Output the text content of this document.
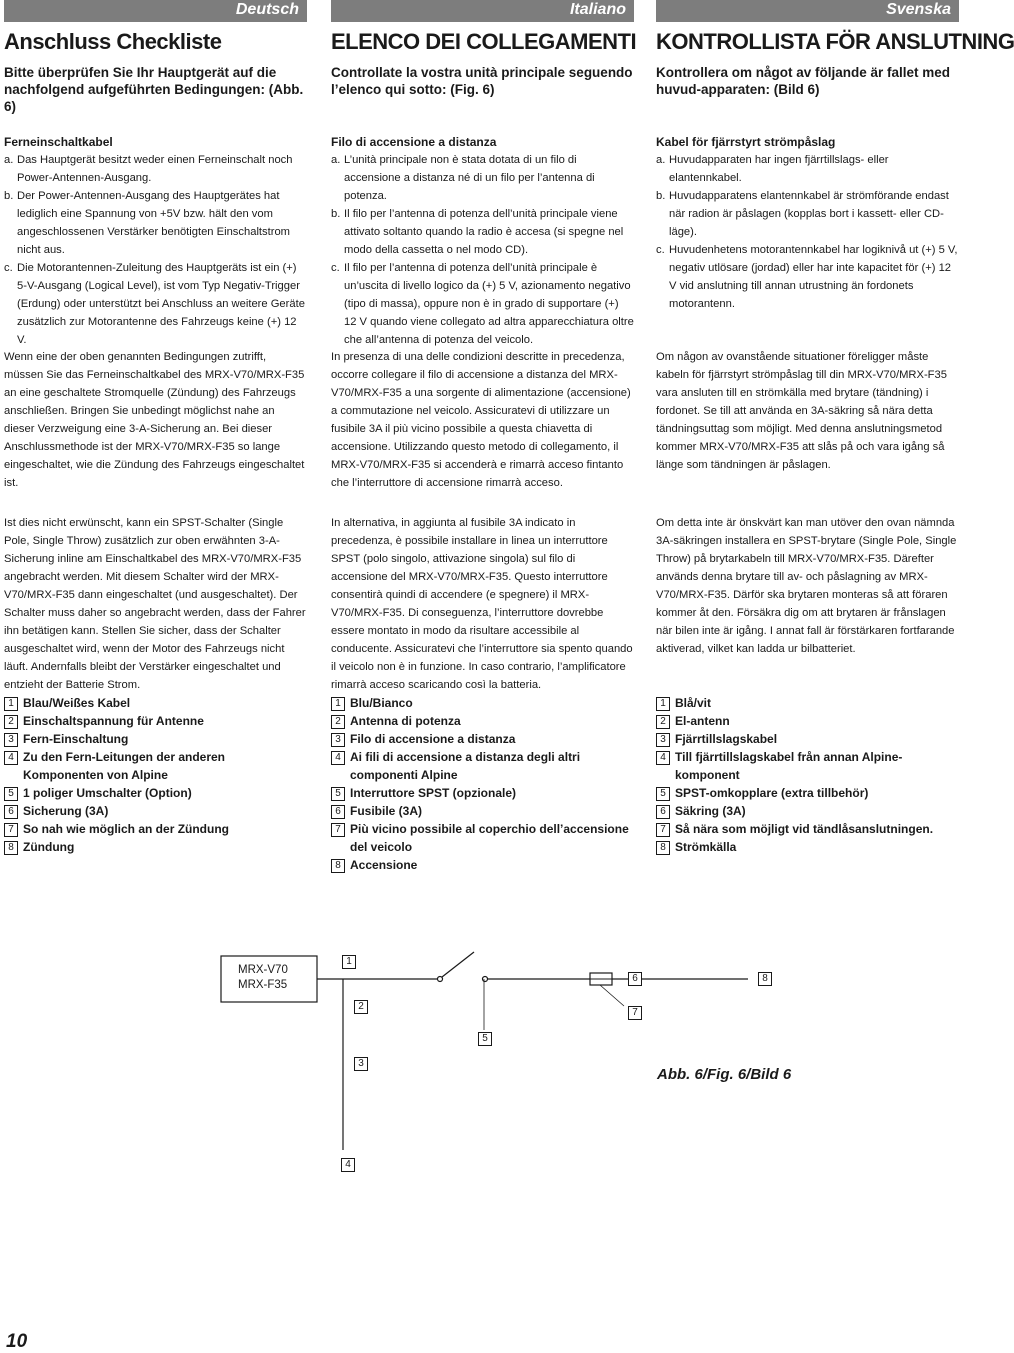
Deutsch
Anschluss Checkliste
Bitte überprüfen Sie Ihr Hauptgerät auf die nachfolgend aufgeführten Bedingungen: (Abb. 6)
Ferneinschaltkabel
a. Das Hauptgerät besitzt weder einen Ferneinschalt noch Power-Antennen-Ausgang.
b. Der Power-Antennen-Ausgang des Hauptgerätes hat lediglich eine Spannung von +5V bzw. hält den vom angeschlossenen Verstärker benötigten Einschaltstrom nicht aus.
c. Die Motorantennen-Zuleitung des Hauptgeräts ist ein (+) 5-V-Ausgang (Logical Level), ist vom Typ Negativ-Trigger (Erdung) oder unterstützt bei Anschluss an weitere Geräte zusätzlich zur Motorantenne des Fahrzeugs keine (+) 12 V.
Wenn eine der oben genannten Bedingungen zutrifft, müssen Sie das Ferneinschaltkabel des MRX-V70/MRX-F35 an eine geschaltete Stromquelle (Zündung) des Fahrzeugs anschließen. Bringen Sie unbedingt möglichst nahe an dieser Verzweigung eine 3-A-Sicherung an. Bei dieser Anschlussmethode ist der MRX-V70/MRX-F35 so lange eingeschaltet, wie die Zündung des Fahrzeugs eingeschaltet ist.
Ist dies nicht erwünscht, kann ein SPST-Schalter (Single Pole, Single Throw) zusätzlich zur oben erwähnten 3-A-Sicherung inline am Einschaltkabel des MRX-V70/MRX-F35 angebracht werden. Mit diesem Schalter wird der MRX-V70/MRX-F35 dann eingeschaltet (und ausgeschaltet). Der Schalter muss daher so angebracht werden, dass der Fahrer ihn betätigen kann. Stellen Sie sicher, dass der Schalter ausgeschaltet wird, wenn der Motor des Fahrzeugs nicht läuft. Andernfalls bleibt der Verstärker eingeschaltet und entzieht der Batterie Strom.
1 Blau/Weißes Kabel
2 Einschaltspannung für Antenne
3 Fern-Einschaltung
4 Zu den Fern-Leitungen der anderen Komponenten von Alpine
5 1 poliger Umschalter (Option)
6 Sicherung (3A)
7 So nah wie möglich an der Zündung
8 Zündung
Italiano
ELENCO DEI COLLEGAMENTI
Controllate la vostra unità principale seguendo l’elenco qui sotto: (Fig. 6)
Filo di accensione a distanza
a. L’unità principale non è stata dotata di un filo di accensione a distanza né di un filo per l’antenna di potenza.
b. Il filo per l’antenna di potenza dell’unità principale viene attivato soltanto quando la radio è accesa (si spegne nel modo della cassetta o nel modo CD).
c. Il filo per l’antenna di potenza dell’unità principale è un’uscita di livello logico da (+) 5 V, azionamento negativo (tipo di massa), oppure non è in grado di supportare (+) 12 V quando viene collegato ad altra apparecchiatura oltre che all’antenna di potenza del veicolo.
In presenza di una delle condizioni descritte in precedenza, occorre collegare il filo di accensione a distanza del MRX-V70/MRX-F35 a una sorgente di alimentazione (accensione) a commutazione nel veicolo. Assicuratevi di utilizzare un fusibile 3A il più vicino possibile a questa chiavetta di accensione. Utilizzando questo metodo di collegamento, il MRX-V70/MRX-F35 si accenderà e rimarrà acceso fintanto che l’interruttore di accensione rimarrà acceso.
In alternativa, in aggiunta al fusibile 3A indicato in precedenza, è possibile installare in linea un interruttore SPST (polo singolo, attivazione singola) sul filo di accensione del MRX-V70/MRX-F35. Questo interruttore consentirà quindi di accendere (e spegnere) il MRX-V70/MRX-F35. Di conseguenza, l’interruttore dovrebbe essere montato in modo da risultare accessibile al conducente. Assicuratevi che l’interruttore sia spento quando il veicolo non è in funzione. In caso contrario, l’amplificatore rimarrà acceso scaricando così la batteria.
1 Blu/Bianco
2 Antenna di potenza
3 Filo di accensione a distanza
4 Ai fili di accensione a distanza degli altri componenti Alpine
5 Interruttore SPST (opzionale)
6 Fusibile (3A)
7 Più vicino possibile al coperchio dell’accensione del veicolo
8 Accensione
Svenska
KONTROLLISTA FÖR ANSLUTNING
Kontrollera om något av följande är fallet med huvud-apparaten: (Bild 6)
Kabel för fjärrstyrt strömpåslag
a. Huvudapparaten har ingen fjärrtillslags- eller elantennkabel.
b. Huvudapparatens elantennkabel är strömförande endast när radion är påslagen (kopplas bort i kassett- eller CD-läge).
c. Huvudenhetens motorantennkabel har logiknivå ut (+) 5 V, negativ utlösare (jordad) eller har inte kapacitet för (+) 12 V vid anslutning till annan utrustning än fordonets motorantenn.
Om någon av ovanstående situationer föreligger måste kabeln för fjärrstyrt strömpåslag till din MRX-V70/MRX-F35 vara ansluten till en strömkälla med brytare (tändning) i fordonet. Se till att använda en 3A-säkring så nära detta tändningsuttag som möjligt. Med denna anslutningsmetod kommer MRX-V70/MRX-F35 att slås på och vara igång så länge som tändningen är påslagen.
Om detta inte är önskvärt kan man utöver den ovan nämnda 3A-säkringen installera en SPST-brytare (Single Pole, Single Throw) på brytarkabeln till MRX-V70/MRX-F35. Därefter används denna brytare till av- och påslagning av MRX-V70/MRX-F35. Därför ska brytaren monteras så att föraren kommer åt den. Försäkra dig om att brytaren är frånslagen när bilen inte är igång. I annat fall är förstärkaren fortfarande aktiverad, vilket kan ladda ur bilbatteriet.
1 Blå/vit
2 El-antenn
3 Fjärrtillslagskabel
4 Till fjärrtillslagskabel från annan Alpine-komponent
5 SPST-omkopplare (extra tillbehör)
6 Säkring (3A)
7 Så nära som möjligt vid tändlåsanslutningen.
8 Strömkälla
MRX-V70
MRX-F35
1
2
3
4
5
6
7
8
Abb. 6/Fig. 6/Bild 6
10
